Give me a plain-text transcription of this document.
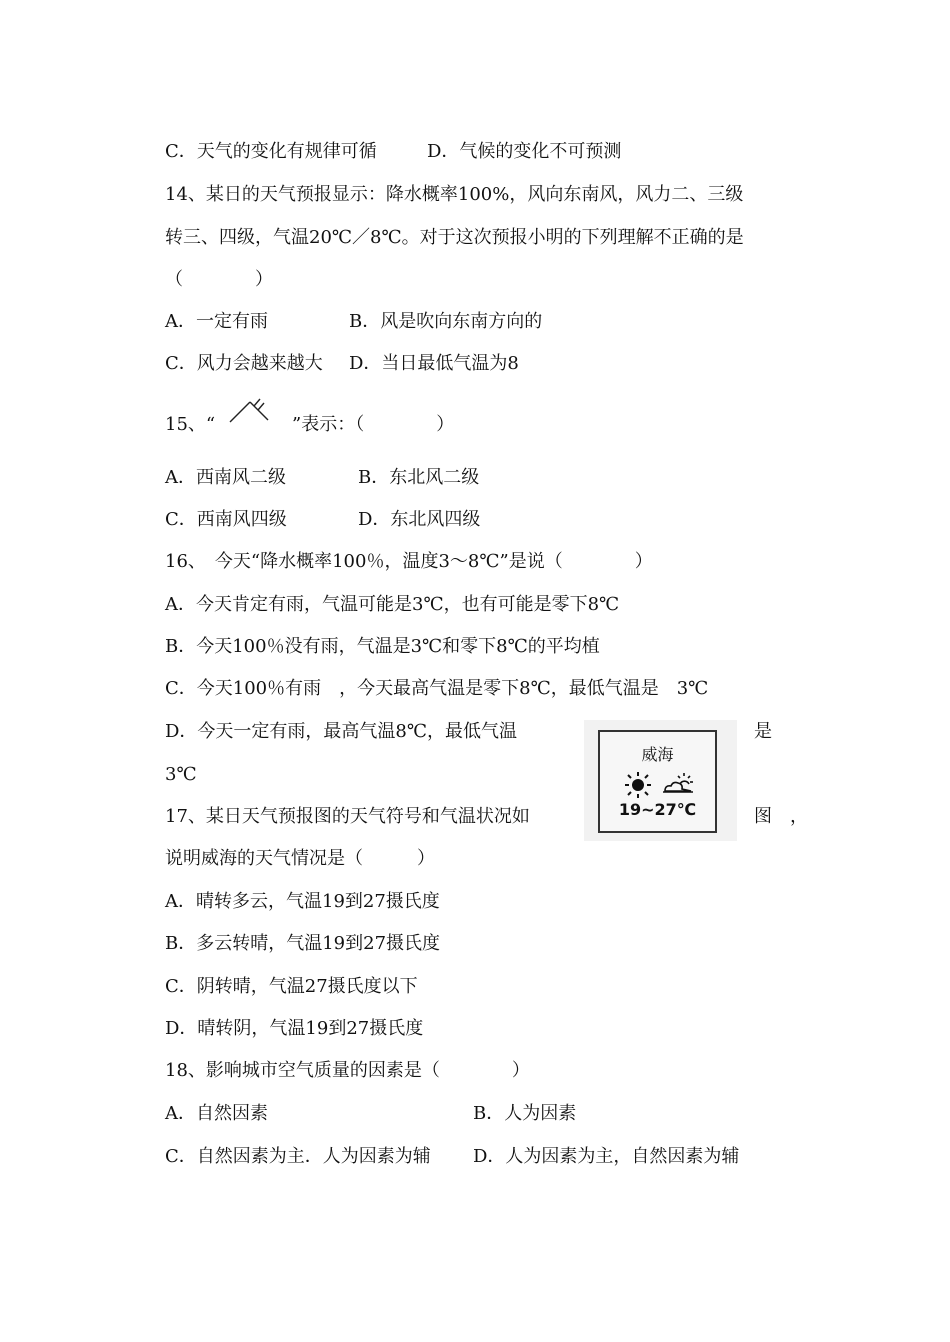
C．天气的变化有规律可循	D．气候的变化不可预测
14、某日的天气预报显示：降水概率100%，风向东南风，风力二、三级
转三、四级，气温20℃／8℃。对于这次预报小明的下列理解不正确的是
（　　　　）
A．一定有雨	B．风是吹向东南方向的
C．风力会越来越大 D．当日最低气温为8
15、“	”表示：（　　　　）
A．西南风二级	B．东北风二级
C．西南风四级	D．东北风四级
16、　今天“降水概率100％，温度3～8℃”是说（　　　　）
A．今天肯定有雨，气温可能是3℃，也有可能是零下8℃
B．今天100％没有雨，气温是3℃和零下8℃的平均植
C．今天100％有雨　，今天最高气温是零下8℃，最低气温是　3℃
D．今天一定有雨，最高气温8℃，最低气温	是
3℃
威海
19~27℃
17、某日天气预报图的天气符号和气温状况如	图　，
说明威海的天气情况是（　　　）
A．晴转多云，气温19到27摄氏度
B．多云转晴，气温19到27摄氏度
C．阴转晴，气温27摄氏度以下
D．晴转阴，气温19到27摄氏度
18、影响城市空气质量的因素是（　　　　）
A．自然因素	B．人为因素
C．自然因素为主．人为因素为辅 D．人为因素为主，自然因素为辅
